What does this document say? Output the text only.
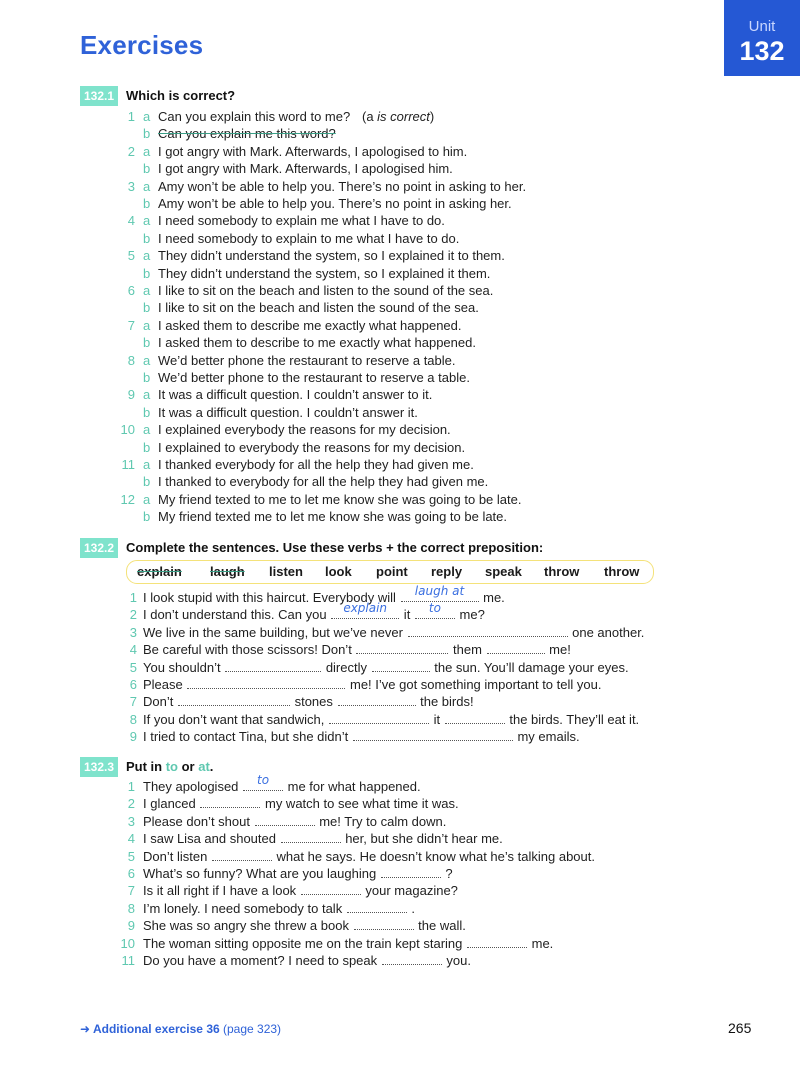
Exercises
Unit
132
132.1 Which is correct?
1 a Can you explain this word to me? (a is correct)
b Can you explain me this word?
2 a I got angry with Mark. Afterwards, I apologised to him.
b I got angry with Mark. Afterwards, I apologised him.
3 a Amy won’t be able to help you. There’s no point in asking to her.
b Amy won’t be able to help you. There’s no point in asking her.
4 a I need somebody to explain me what I have to do.
b I need somebody to explain to me what I have to do.
5 a They didn’t understand the system, so I explained it to them.
b They didn’t understand the system, so I explained it them.
6 a I like to sit on the beach and listen to the sound of the sea.
b I like to sit on the beach and listen the sound of the sea.
7 a I asked them to describe me exactly what happened.
b I asked them to describe to me exactly what happened.
8 a We’d better phone the restaurant to reserve a table.
b We’d better phone to the restaurant to reserve a table.
9 a It was a difficult question. I couldn’t answer to it.
b It was a difficult question. I couldn’t answer it.
10 a I explained everybody the reasons for my decision.
b I explained to everybody the reasons for my decision.
11 a I thanked everybody for all the help they had given me.
b I thanked to everybody for all the help they had given me.
12 a My friend texted to me to let me know she was going to be late.
b My friend texted me to let me know she was going to be late.
132.2 Complete the sentences. Use these verbs + the correct preposition:
explain laugh listen look point reply speak throw throw
1 I look stupid with this haircut. Everybody will	laugh at	me.
2 I don’t understand this. Can you	explain	it	to	me?
3 We live in the same building, but we’ve never	one another.
4 Be careful with those scissors! Don’t	them	me!
5 You shouldn’t	directly	the sun. You’ll damage your eyes.
6 Please	me! I’ve got something important to tell you.
7 Don’t	stones	the birds!
8 If you don’t want that sandwich,	it	the birds. They’ll eat it.
9 I tried to contact Tina, but she didn’t	my emails.
132.3 Put in to or at.
1 They apologised	to	me for what happened.
2 I glanced	my watch to see what time it was.
3 Please don’t shout	me! Try to calm down.
4 I saw Lisa and shouted	her, but she didn’t hear me.
5 Don’t listen	what he says. He doesn’t know what he’s talking about.
6 What’s so funny? What are you laughing	?
7 Is it all right if I have a look	your magazine?
8 I’m lonely. I need somebody to talk	.
9 She was so angry she threw a book	the wall.
10 The woman sitting opposite me on the train kept staring	me.
11 Do you have a moment? I need to speak	you.
➜ Additional exercise 36 (page 323)	265
